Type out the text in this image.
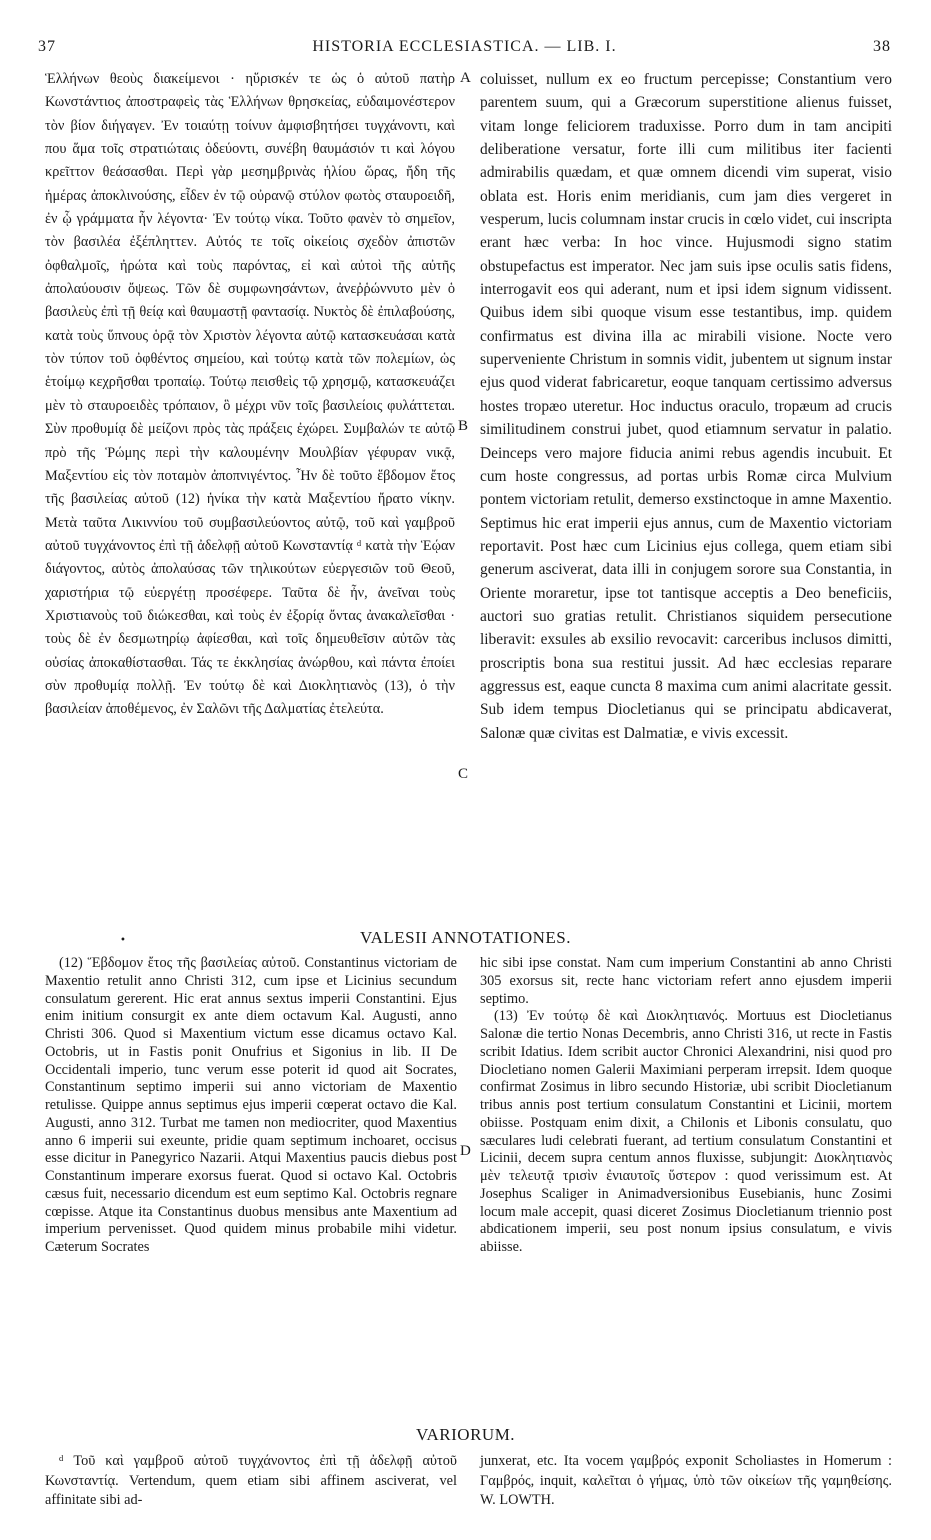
37	HISTORIA ECCLESIASTICA. — LIB. I.	38

Ἑλλήνων θεοὺς διακείμενοι · ηὕρισκέν τε ὡς ὁ αὐτοῦ πατὴρ Κωνστάντιος ἀποστραφεὶς τὰς Ἑλλήνων θρησκείας, εὐδαιμονέστερον τὸν βίον διήγαγεν. Ἐν τοιαύτῃ τοίνυν ἀμφισβητήσει τυγχάνοντι, καὶ που ἅμα τοῖς στρατιώταις ὁδεύοντι, συνέβη θαυμάσιόν τι καὶ λόγου κρεῖττον θεάσασθαι. Περὶ γὰρ μεσημβρινὰς ἡλίου ὥρας, ἤδη τῆς ἡμέρας ἀποκλινούσης, εἶδεν ἐν τῷ οὐρανῷ στύλον φωτὸς σταυροειδῆ, ἐν ᾧ γράμματα ἦν λέγοντα· Ἐν τούτῳ νίκα. Τοῦτο φανὲν τὸ σημεῖον, τὸν βασιλέα ἐξέπληττεν. Αὐτός τε τοῖς οἰκείοις σχεδὸν ἀπιστῶν ὀφθαλμοῖς, ἠρώτα καὶ τοὺς παρόντας, εἰ καὶ αὐτοὶ τῆς αὐτῆς ἀπολαύουσιν ὄψεως. Τῶν δὲ συμφωνησάντων, ἀνεῤῥώννυτο μὲν ὁ βασιλεὺς ἐπὶ τῇ θείᾳ καὶ θαυμαστῇ φαντασίᾳ. Νυκτὸς δὲ ἐπιλαβούσης, κατὰ τοὺς ὕπνους ὁρᾷ τὸν Χριστὸν λέγοντα αὐτῷ κατασκευάσαι κατὰ τὸν τύπον τοῦ ὀφθέντος σημείου, καὶ τούτῳ κατὰ τῶν πολεμίων, ὡς ἑτοίμῳ κεχρῆσθαι τροπαίῳ. Τούτῳ πεισθεὶς τῷ χρησμῷ, κατασκευάζει μὲν τὸ σταυροειδὲς τρόπαιον, ὃ μέχρι νῦν τοῖς βασιλείοις φυλάττεται. Σὺν προθυμίᾳ δὲ μείζονι πρὸς τὰς πράξεις ἐχώρει. Συμβαλών τε αὐτῷ πρὸ τῆς Ῥώμης περὶ τὴν καλουμένην Μουλβίαν γέφυραν νικᾷ, Μαξεντίου εἰς τὸν ποταμὸν ἀποπνιγέντος. Ἦν δὲ τοῦτο ἕβδομον ἔτος τῆς βασιλείας αὐτοῦ (12) ἡνίκα τὴν κατὰ Μαξεντίου ἤρατο νίκην. Μετὰ ταῦτα Λικιννίου τοῦ συμβασιλεύοντος αὐτῷ, τοῦ καὶ γαμβροῦ αὐτοῦ τυγχάνοντος ἐπὶ τῇ ἀδελφῇ αὐτοῦ Κωνσταντίᾳ ᵈ κατὰ τὴν Ἑῴαν διάγοντος, αὐτὸς ἀπολαύσας τῶν τηλικούτων εὐεργεσιῶν τοῦ Θεοῦ, χαριστήρια τῷ εὐεργέτῃ προσέφερε. Ταῦτα δὲ ἦν, ἀνεῖναι τοὺς Χριστιανοὺς τοῦ διώκεσθαι, καὶ τοὺς ἐν ἐξορίᾳ ὄντας ἀνακαλεῖσθαι · τοὺς δὲ ἐν δεσμωτηρίῳ ἀφίεσθαι, καὶ τοῖς δημευθεῖσιν αὐτῶν τὰς οὐσίας ἀποκαθίστασθαι. Τάς τε ἐκκλησίας ἀνώρθου, καὶ πάντα ἐποίει σὺν προθυμίᾳ πολλῇ. Ἐν τούτῳ δὲ καὶ Διοκλητιανὸς (13), ὁ τὴν βασιλείαν ἀποθέμενος, ἐν Σαλῶνι τῆς Δαλματίας ἐτελεύτα.

A
B
C
D

coluisset, nullum ex eo fructum percepisse; Constantium vero parentem suum, qui a Græcorum superstitione alienus fuisset, vitam longe feliciorem traduxisse. Porro dum in tam ancipiti deliberatione versatur, forte illi cum militibus iter facienti admirabilis quædam, et quæ omnem dicendi vim superat, visio oblata est. Horis enim meridianis, cum jam dies vergeret in vesperum, lucis columnam instar crucis in cœlo videt, cui inscripta erant hæc verba: In hoc vince. Hujusmodi signo statim obstupefactus est imperator. Nec jam suis ipse oculis satis fidens, interrogavit eos qui aderant, num et ipsi idem signum vidissent. Quibus idem sibi quoque visum esse testantibus, imp. quidem confirmatus est divina illa ac mirabili visione. Nocte vero superveniente Christum in somnis vidit, jubentem ut signum instar ejus quod viderat fabricaretur, eoque tanquam certissimo adversus hostes tropæo uteretur. Hoc inductus oraculo, tropæum ad crucis similitudinem construi jubet, quod etiamnum servatur in palatio. Deinceps vero majore fiducia animi rebus agendis incubuit. Et cum hoste congressus, ad portas urbis Romæ circa Mulvium pontem victoriam retulit, demerso exstinctoque in amne Maxentio. Septimus hic erat imperii ejus annus, cum de Maxentio victoriam reportavit. Post hæc cum Licinius ejus collega, quem etiam sibi generum asciverat, data illi in conjugem sorore sua Constantia, in Oriente moraretur, ipse tot tantisque acceptis a Deo beneficiis, auctori suo gratias retulit. Christianos siquidem persecutione liberavit: exsules ab exsilio revocavit: carceribus inclusos dimitti, proscriptis bona sua restitui jussit. Ad hæc ecclesias reparare aggressus est, eaque cuncta 8 maxima cum animi alacritate gessit. Sub idem tempus Diocletianus qui se principatu abdicaverat, Salonæ quæ civitas est Dalmatiæ, e vivis excessit.

•	VALESII ANNOTATIONES.

(12) Ἕβδομον ἔτος τῆς βασιλείας αὐτοῦ. Constantinus victoriam de Maxentio retulit anno Christi 312, cum ipse et Licinius secundum consulatum gererent. Hic erat annus sextus imperii Constantini. Ejus enim initium consurgit ex ante diem octavum Kal. Augusti, anno Christi 306. Quod si Maxentium victum esse dicamus octavo Kal. Octobris, ut in Fastis ponit Onufrius et Sigonius in lib. II De Occidentali imperio, tunc verum esse poterit id quod ait Socrates, Constantinum septimo imperii sui anno victoriam de Maxentio retulisse. Quippe annus septimus ejus imperii cœperat octavo die Kal. Augusti, anno 312. Turbat me tamen non mediocriter, quod Maxentius anno 6 imperii sui exeunte, pridie quam septimum inchoaret, occisus esse dicitur in Panegyrico Nazarii. Atqui Maxentius paucis diebus post Constantinum imperare exorsus fuerat. Quod si octavo Kal. Octobris cæsus fuit, necessario dicendum est eum septimo Kal. Octobris regnare cœpisse. Atque ita Constantinus duobus mensibus ante Maxentium ad imperium pervenisset. Quod quidem minus probabile mihi videtur. Cæterum Socrates

hic sibi ipse constat. Nam cum imperium Constantini ab anno Christi 305 exorsus sit, recte hanc victoriam refert anno ejusdem imperii septimo.

(13) Ἐν τούτῳ δὲ καὶ Διοκλητιανός. Mortuus est Diocletianus Salonæ die tertio Nonas Decembris, anno Christi 316, ut recte in Fastis scribit Idatius. Idem scribit auctor Chronici Alexandrini, nisi quod pro Diocletiano nomen Galerii Maximiani perperam irrepsit. Idem quoque confirmat Zosimus in libro secundo Historiæ, ubi scribit Diocletianum tribus annis post tertium consulatum Constantini et Licinii, mortem obiisse. Postquam enim dixit, a Chilonis et Libonis consulatu, quo sæculares ludi celebrati fuerant, ad tertium consulatum Constantini et Licinii, decem supra centum annos fluxisse, subjungit: Διοκλητιανὸς μὲν τελευτᾷ τρισὶν ἐνιαυτοῖς ὕστερον : quod verissimum est. At Josephus Scaliger in Animadversionibus Eusebianis, hunc Zosimi locum male accepit, quasi diceret Zosimus Diocletianum triennio post abdicationem imperii, seu post nonum ipsius consulatum, e vivis abiisse.

VARIORUM.

ᵈ Τοῦ καὶ γαμβροῦ αὐτοῦ τυγχάνοντος ἐπὶ τῇ ἀδελφῇ αὐτοῦ Κωνσταντίᾳ. Vertendum, quem etiam sibi affinem asciverat, vel affinitate sibi ad-

junxerat, etc. Ita vocem γαμβρός exponit Scholiastes in Homerum : Γαμβρός, inquit, καλεῖται ὁ γήμας, ὑπὸ τῶν οἰκείων τῆς γαμηθείσης. W. LOWTH.
